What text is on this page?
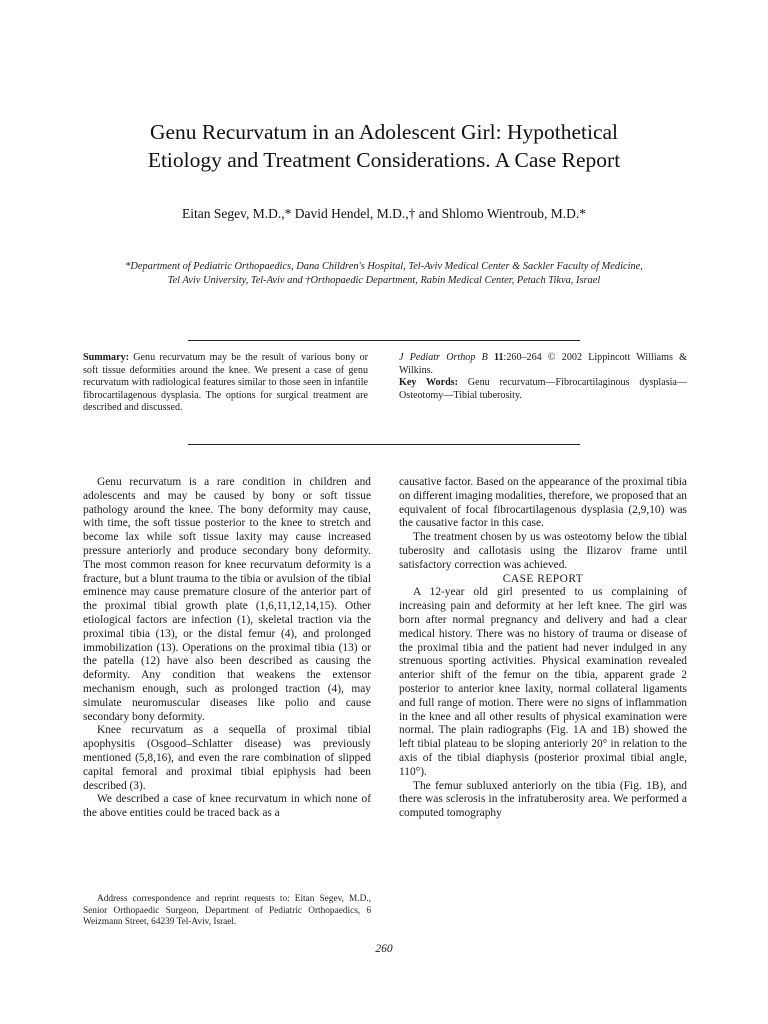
Genu Recurvatum in an Adolescent Girl: Hypothetical
Etiology and Treatment Considerations. A Case Report
Eitan Segev, M.D.,* David Hendel, M.D.,† and Shlomo Wientroub, M.D.*
*Department of Pediatric Orthopaedics, Dana Children's Hospital, Tel-Aviv Medical Center & Sackler Faculty of Medicine,
Tel Aviv University, Tel-Aviv and †Orthopaedic Department, Rabin Medical Center, Petach Tikva, Israel
Summary: Genu recurvatum may be the result of various bony or soft tissue deformities around the knee. We present a case of genu recurvatum with radiological features similar to those seen in infantile fibrocartilagenous dysplasia. The options for surgical treatment are described and discussed.

J Pediatr Orthop B 11:260–264 © 2002 Lippincott Williams & Wilkins.

Key Words: Genu recurvatum—Fibrocartilaginous dysplasia—Osteotomy—Tibial tuberosity.

Genu recurvatum is a rare condition in children and adolescents and may be caused by bony or soft tissue pathology around the knee. The bony deformity may cause, with time, the soft tissue posterior to the knee to stretch and become lax while soft tissue laxity may cause increased pressure anteriorly and produce secondary bony deformity. The most common reason for knee recurvatum deformity is a fracture, but a blunt trauma to the tibia or avulsion of the tibial eminence may cause premature closure of the anterior part of the proximal tibial growth plate (1,6,11,12,14,15). Other etiological factors are infection (1), skeletal traction via the proximal tibia (13), or the distal femur (4), and prolonged immobilization (13). Operations on the proximal tibia (13) or the patella (12) have also been described as causing the deformity. Any condition that weakens the extensor mechanism enough, such as prolonged traction (4), may simulate neuromuscular diseases like polio and cause secondary bony deformity.

Knee recurvatum as a sequella of proximal tibial apophysitis (Osgood–Schlatter disease) was previously mentioned (5,8,16), and even the rare combination of slipped capital femoral and proximal tibial epiphysis had been described (3).

We described a case of knee recurvatum in which none of the above entities could be traced back as a

causative factor. Based on the appearance of the proximal tibia on different imaging modalities, therefore, we proposed that an equivalent of focal fibrocartilagenous dysplasia (2,9,10) was the causative factor in this case.

The treatment chosen by us was osteotomy below the tibial tuberosity and callotasis using the Ilizarov frame until satisfactory correction was achieved.

CASE REPORT

A 12-year old girl presented to us complaining of increasing pain and deformity at her left knee. The girl was born after normal pregnancy and delivery and had a clear medical history. There was no history of trauma or disease of the proximal tibia and the patient had never indulged in any strenuous sporting activities. Physical examination revealed anterior shift of the femur on the tibia, apparent grade 2 posterior to anterior knee laxity, normal collateral ligaments and full range of motion. There were no signs of inflammation in the knee and all other results of physical examination were normal. The plain radiographs (Fig. 1A and 1B) showed the left tibial plateau to be sloping anteriorly 20° in relation to the axis of the tibial diaphysis (posterior proximal tibial angle, 110°).

The femur subluxed anteriorly on the tibia (Fig. 1B), and there was sclerosis in the infratuberosity area. We performed a computed tomography

Address correspondence and reprint requests to: Eitan Segev, M.D., Senior Orthopaedic Surgeon, Department of Pediatric Orthopaedics, 6 Weizmann Street, 64239 Tel-Aviv, Israel.

260
